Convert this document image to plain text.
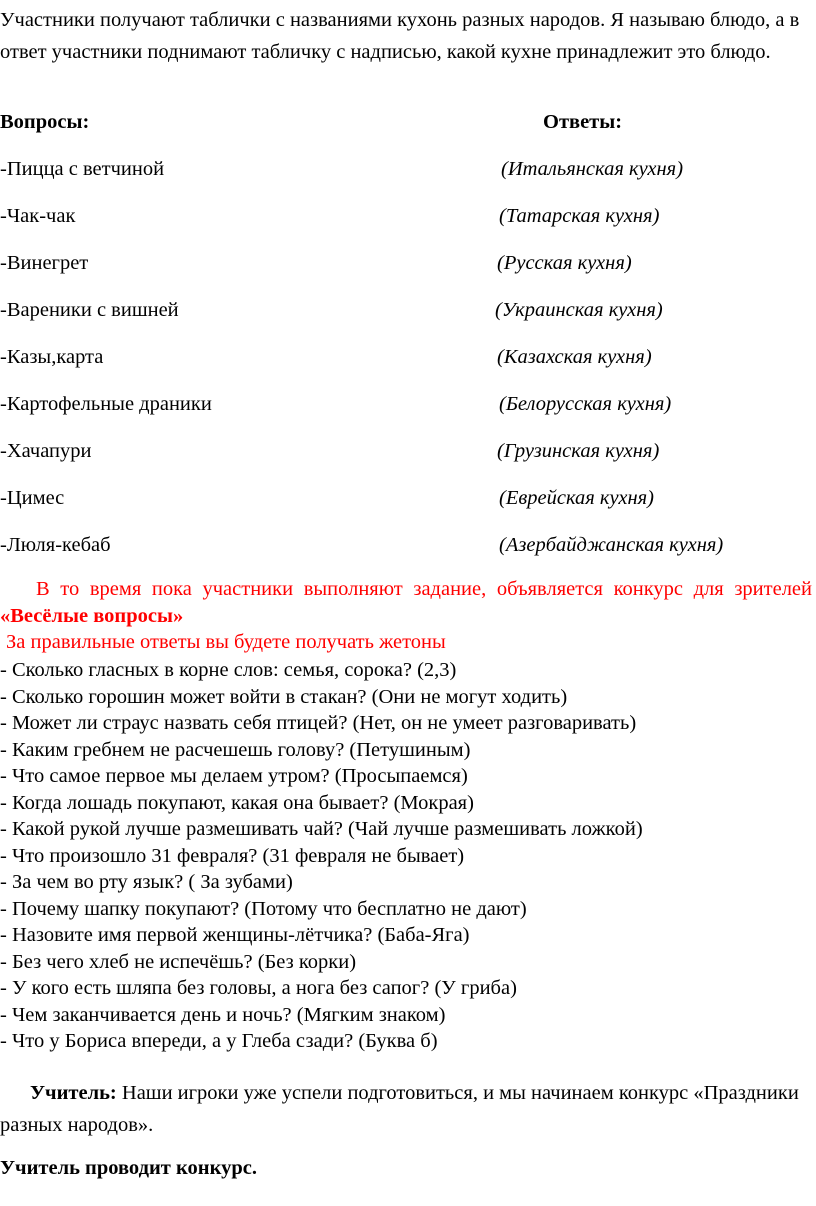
Участники получают таблички с названиями кухонь разных народов. Я называю блюдо, а в ответ участники поднимают табличку с надписью, какой кухне принадлежит это блюдо.
Вопросы:	Ответы:
-Пицца с ветчиной	(Итальянская кухня)
-Чак-чак	(Татарская кухня)
-Винегрет	(Русская кухня)
-Вареники с вишней	(Украинская кухня)
-Казы,карта	(Казахская кухня)
-Картофельные драники	(Белорусская кухня)
-Хачапури	(Грузинская кухня)
-Цимес	(Еврейская кухня)
-Люля-кебаб	(Азербайджанская кухня)
В то время пока участники выполняют задание, объявляется конкурс для зрителей «Весёлые вопросы»
За правильные ответы вы будете получать жетоны
- Сколько гласных в корне слов: семья, сорока? (2,3)
- Сколько горошин может войти в стакан? (Они не могут ходить)
- Может ли страус назвать себя птицей? (Нет, он не умеет разговаривать)
- Каким гребнем не расчешешь голову? (Петушиным)
- Что самое первое мы делаем утром? (Просыпаемся)
- Когда лошадь покупают, какая она бывает? (Мокрая)
- Какой рукой лучше размешивать чай? (Чай лучше размешивать ложкой)
- Что произошло 31 февраля? (31 февраля не бывает)
- За чем во рту язык? ( За зубами)
- Почему шапку покупают? (Потому что бесплатно не дают)
- Назовите имя первой женщины-лётчика? (Баба-Яга)
- Без чего хлеб не испечёшь? (Без корки)
- У кого есть шляпа без головы, а нога без сапог? (У гриба)
- Чем заканчивается день и ночь? (Мягким знаком)
- Что у Бориса впереди, а у Глеба сзади? (Буква б)
Учитель: Наши игроки уже успели подготовиться, и мы начинаем конкурс «Праздники разных народов».
Учитель проводит конкурс.
